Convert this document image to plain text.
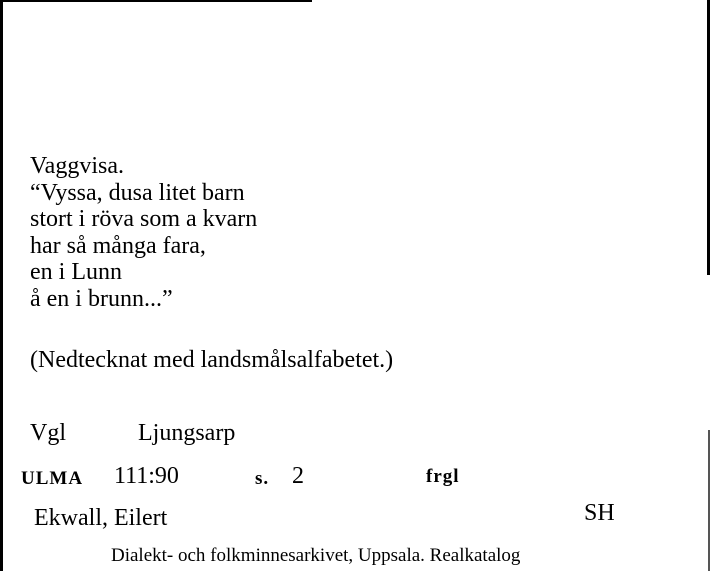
Vaggvisa.
“Vyssa, dusa litet barn
stort i röva som a kvarn
har så många fara,
en i Lunn
å en i brunn...”
(Nedtecknat med landsmålsalfabetet.)
Vgl	Ljungsarp
ULMA 111:90	s. 2	frgl
Ekwall, Eilert	SH
Dialekt- och folkminnesarkivet, Uppsala. Realkatalog
